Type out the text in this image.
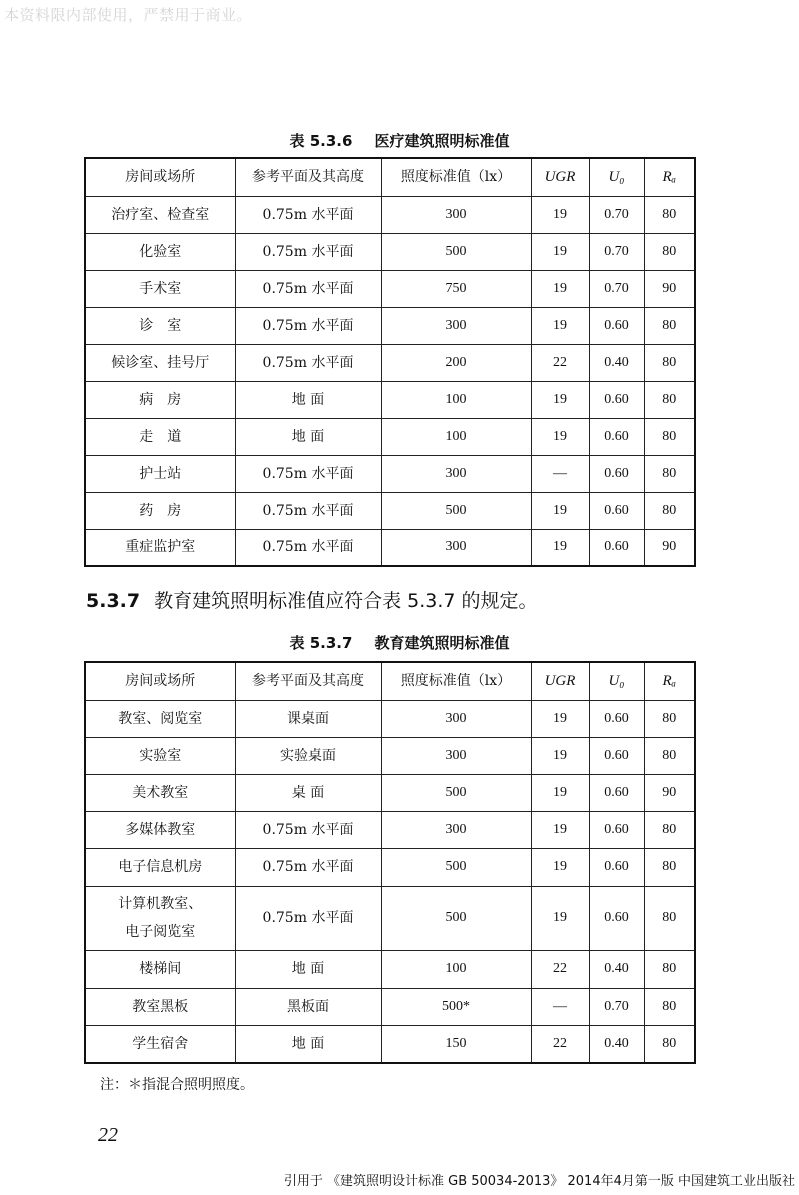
本资料限内部使用，严禁用于商业。
表 5.3.6 医疗建筑照明标准值
房间或场所	参考平面及其高度	照度标准值（lx）	UGR	U₀	Rₐ
治疗室、检查室	0.75m 水平面	300	19	0.70	80
化验室	0.75m 水平面	500	19	0.70	80
手术室	0.75m 水平面	750	19	0.70	90
诊　室	0.75m 水平面	300	19	0.60	80
候诊室、挂号厅	0.75m 水平面	200	22	0.40	80
病　房	地 面	100	19	0.60	80
走　道	地 面	100	19	0.60	80
护士站	0.75m 水平面	300	—	0.60	80
药　房	0.75m 水平面	500	19	0.60	80
重症监护室	0.75m 水平面	300	19	0.60	90
5.3.7 教育建筑照明标准值应符合表 5.3.7 的规定。
表 5.3.7 教育建筑照明标准值
房间或场所	参考平面及其高度	照度标准值（lx）	UGR	U₀	Rₐ
教室、阅览室	课桌面	300	19	0.60	80
实验室	实验桌面	300	19	0.60	80
美术教室	桌 面	500	19	0.60	90
多媒体教室	0.75m 水平面	300	19	0.60	80
电子信息机房	0.75m 水平面	500	19	0.60	80
计算机教室、
电子阅览室	0.75m 水平面	500	19	0.60	80
楼梯间	地 面	100	22	0.40	80
教室黑板	黑板面	500*	—	0.70	80
学生宿舍	地 面	150	22	0.40	80
注：＊指混合照明照度。
22
引用于 《建筑照明设计标准 GB 50034-2013》 2014年4月第一版 中国建筑工业出版社
